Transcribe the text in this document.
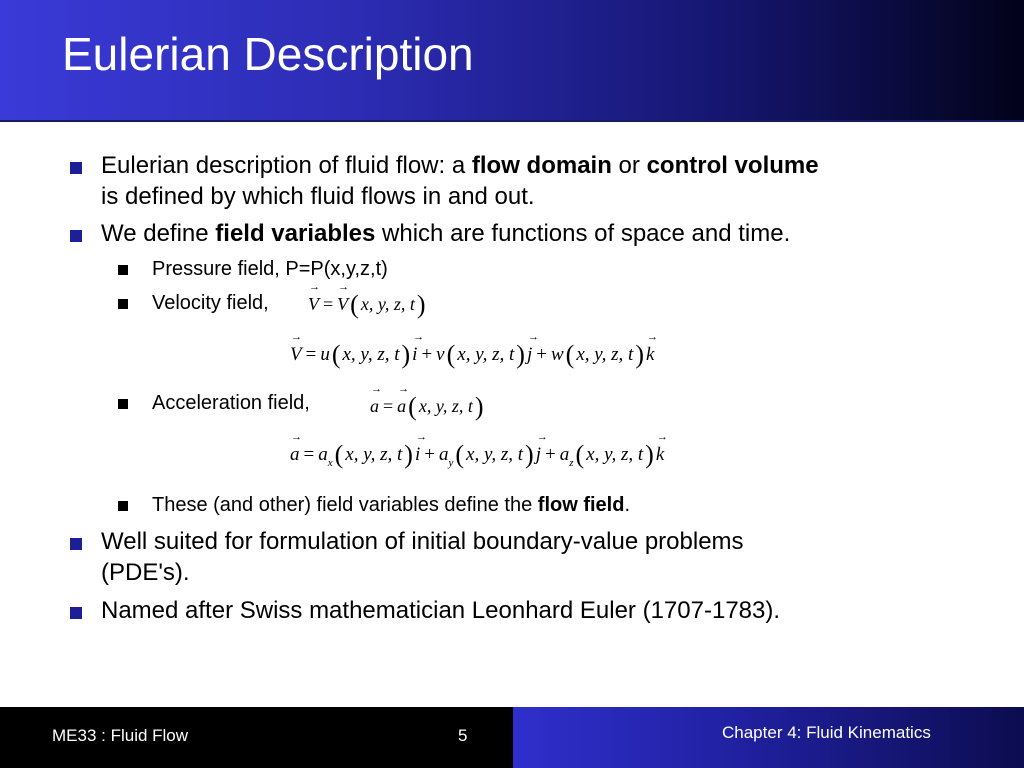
Eulerian Description
Eulerian description of fluid flow: a flow domain or control volume
is defined by which fluid flows in and out.
We define field variables which are functions of space and time.
Pressure field, P=P(x,y,z,t)
Velocity field,	→ V = → V( x, y, z, t)
→ V = u( x, y, z, t) → i + v( x, y, z, t) → j + w( x, y, z, t) → k
Acceleration field,	→ a = → a( x, y, z, t)
→ $a = a_x$( x, y, z, $t) \to i + a_y$( x, y, z, $t) \to j + a_z$( x, y, z, t) → k
These (and other) field variables define the flow field.
Well suited for formulation of initial boundary-value problems
(PDE's).
Named after Swiss mathematician Leonhard Euler (1707-1783).
ME33 : Fluid Flow	5	Chapter 4: Fluid Kinematics
